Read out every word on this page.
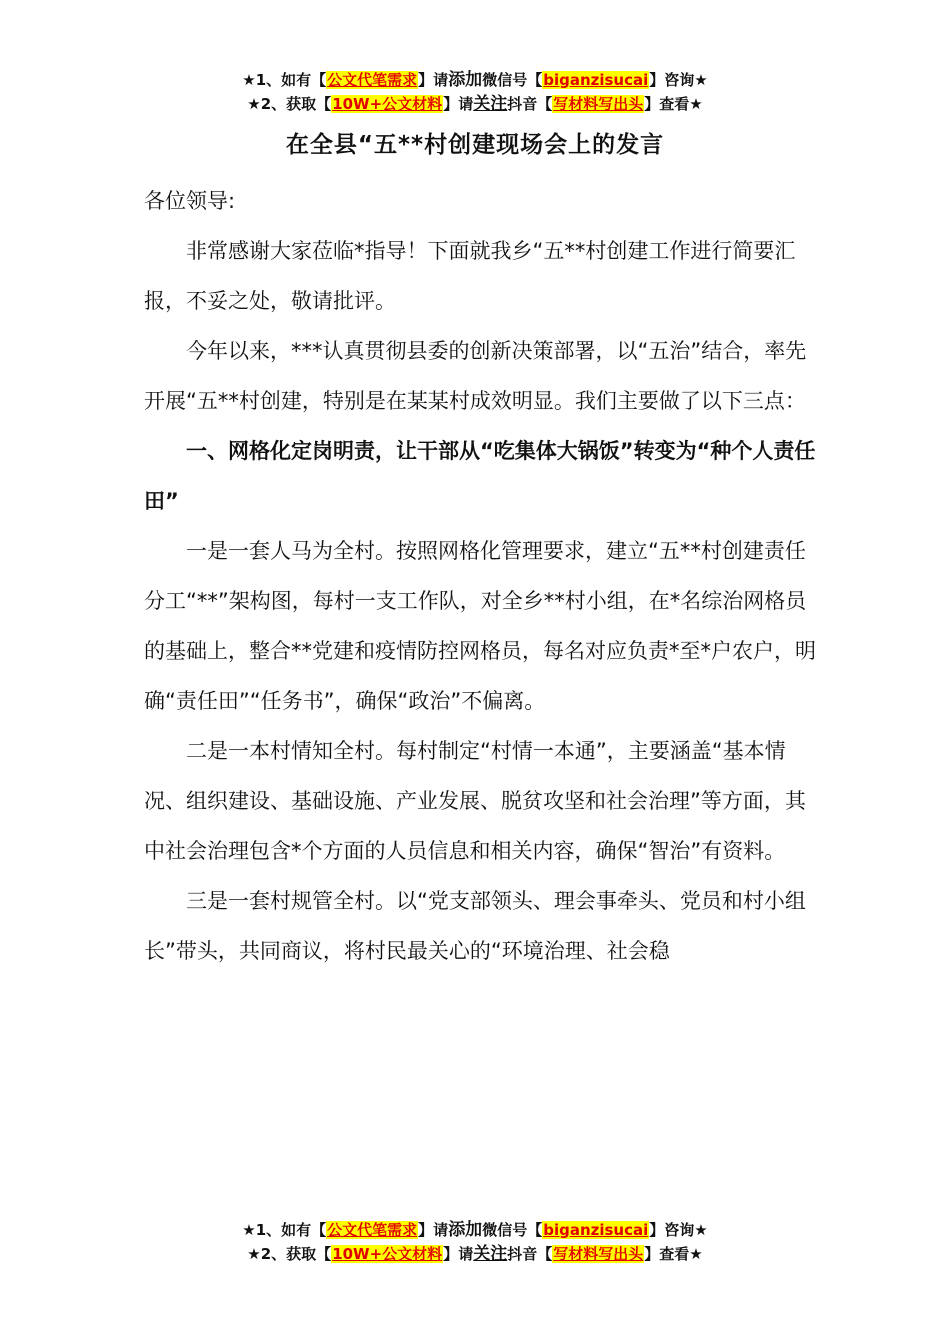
★1、如有【公文代笔需求】请添加微信号【biganzisucai】咨询★
★2、获取【10W+公文材料】请关注抖音【写材料写出头】查看★
在全县“五**村创建现场会上的发言

各位领导:

非常感谢大家莅临*指导！下面就我乡“五**村创建工作进行简要汇报，不妥之处，敬请批评。

今年以来，***认真贯彻县委的创新决策部署，以“五治”结合，率先开展“五**村创建，特别是在某某村成效明显。我们主要做了以下三点：

一、网格化定岗明责，让干部从“吃集体大锅饭”转变为“种个人责任田”

一是一套人马为全村。按照网格化管理要求，建立“五**村创建责任分工“**”架构图，每村一支工作队，对全乡**村小组，在*名综治网格员的基础上，整合**党建和疫情防控网格员，每名对应负责*至*户农户，明确“责任田”“任务书”，确保“政治”不偏离。

二是一本村情知全村。每村制定“村情一本通”，主要涵盖“基本情况、组织建设、基础设施、产业发展、脱贫攻坚和社会治理”等方面，其中社会治理包含*个方面的人员信息和相关内容，确保“智治”有资料。

三是一套村规管全村。以“党支部领头、理会事牵头、党员和村小组长”带头，共同商议，将村民最关心的“环境治理、社会稳

★1、如有【公文代笔需求】请添加微信号【biganzisucai】咨询★
★2、获取【10W+公文材料】请关注抖音【写材料写出头】查看★
